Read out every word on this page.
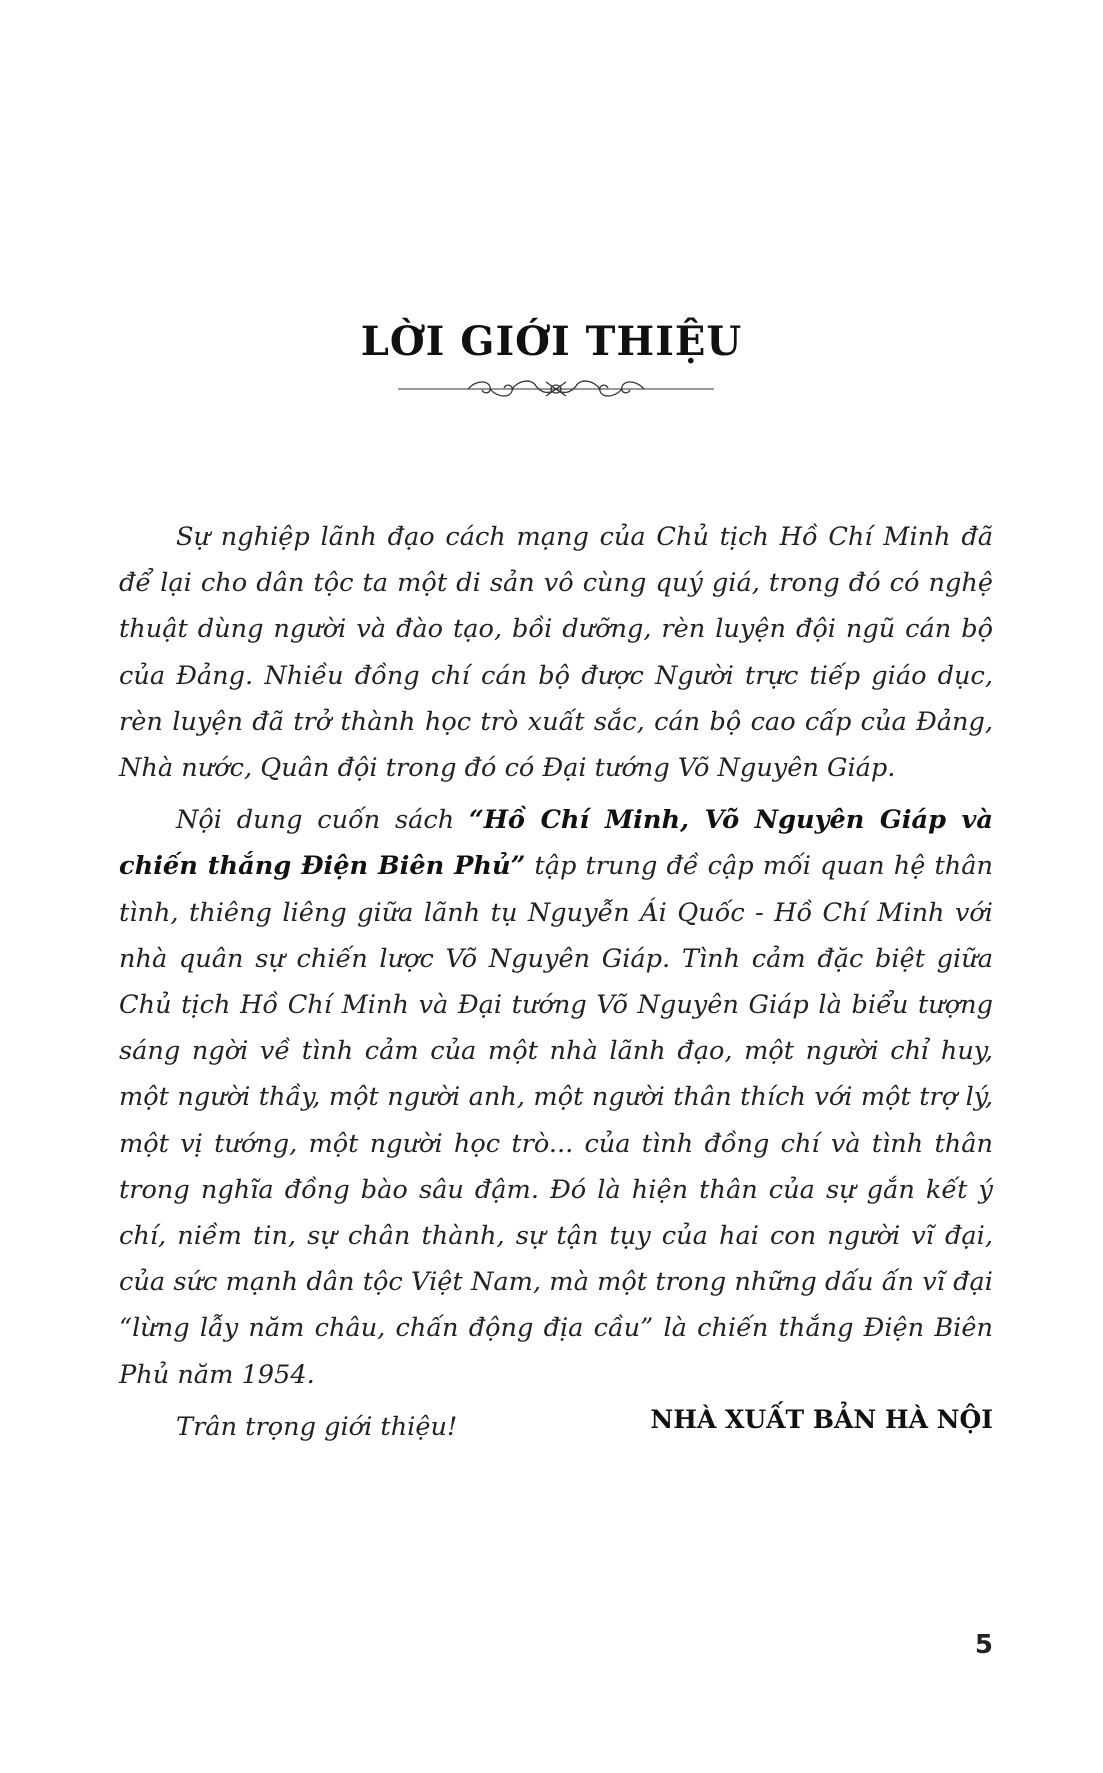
LỜI GIỚI THIỆU

Sự nghiệp lãnh đạo cách mạng của Chủ tịch Hồ Chí Minh đã để lại cho dân tộc ta một di sản vô cùng quý giá, trong đó có nghệ thuật dùng người và đào tạo, bồi dưỡng, rèn luyện đội ngũ cán bộ của Đảng. Nhiều đồng chí cán bộ được Người trực tiếp giáo dục, rèn luyện đã trở thành học trò xuất sắc, cán bộ cao cấp của Đảng, Nhà nước, Quân đội trong đó có Đại tướng Võ Nguyên Giáp.

Nội dung cuốn sách “Hồ Chí Minh, Võ Nguyên Giáp và chiến thắng Điện Biên Phủ” tập trung đề cập mối quan hệ thân tình, thiêng liêng giữa lãnh tụ Nguyễn Ái Quốc - Hồ Chí Minh với nhà quân sự chiến lược Võ Nguyên Giáp. Tình cảm đặc biệt giữa Chủ tịch Hồ Chí Minh và Đại tướng Võ Nguyên Giáp là biểu tượng sáng ngời về tình cảm của một nhà lãnh đạo, một người chỉ huy, một người thầy, một người anh, một người thân thích với một trợ lý, một vị tướng, một người học trò... của tình đồng chí và tình thân trong nghĩa đồng bào sâu đậm. Đó là hiện thân của sự gắn kết ý chí, niềm tin, sự chân thành, sự tận tụy của hai con người vĩ đại, của sức mạnh dân tộc Việt Nam, mà một trong những dấu ấn vĩ đại “lừng lẫy năm châu, chấn động địa cầu” là chiến thắng Điện Biên Phủ năm 1954.

Trân trọng giới thiệu!	NHÀ XUẤT BẢN HÀ NỘI
5
